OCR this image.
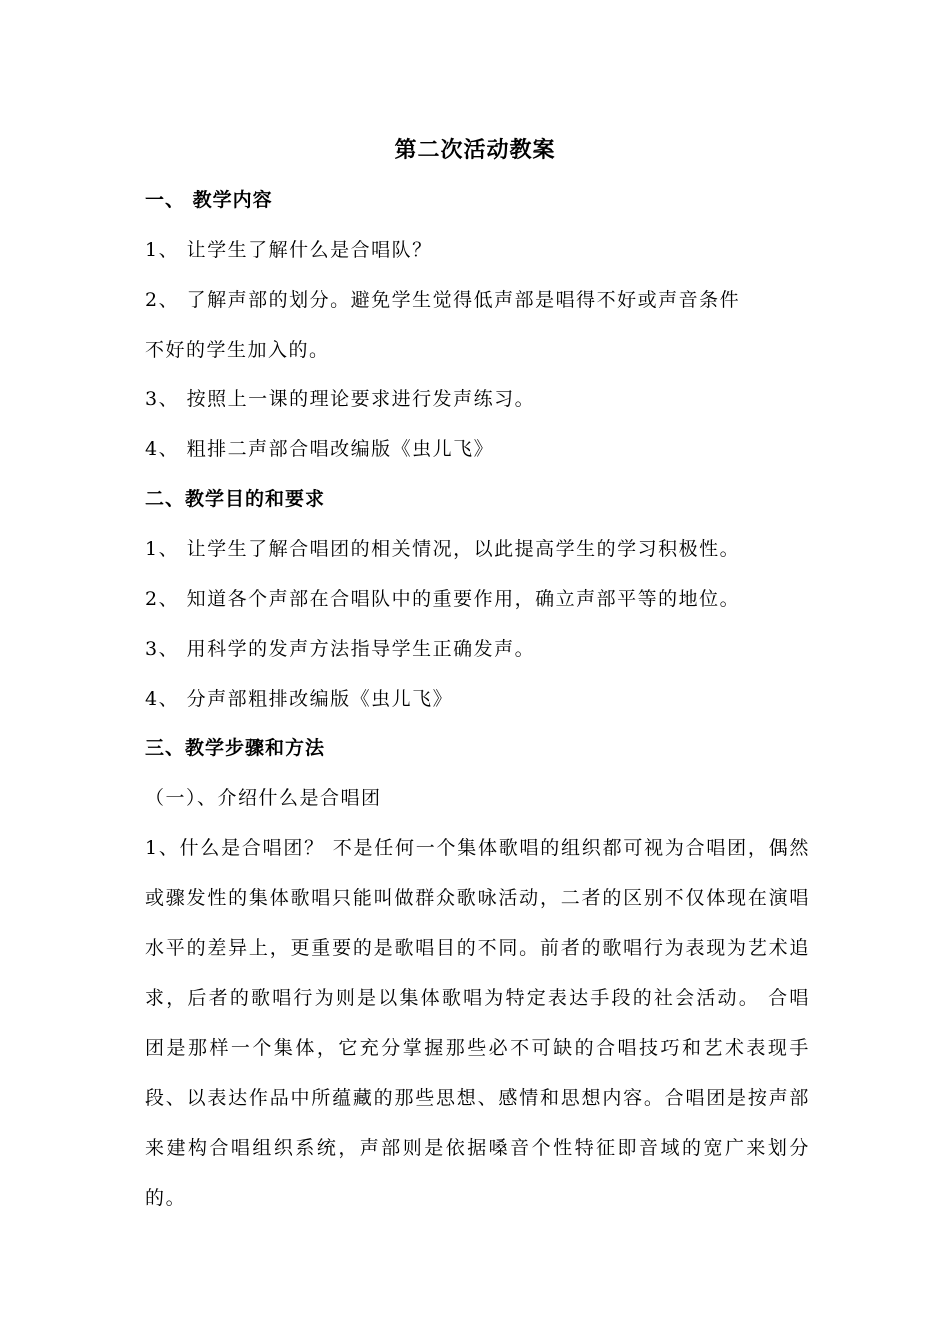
第二次活动教案
一、 教学内容
1、 让学生了解什么是合唱队？
2、 了解声部的划分。避免学生觉得低声部是唱得不好或声音条件
不好的学生加入的。
3、 按照上一课的理论要求进行发声练习。
4、 粗排二声部合唱改编版《虫儿飞》
二、教学目的和要求
1、 让学生了解合唱团的相关情况，以此提高学生的学习积极性。
2、 知道各个声部在合唱队中的重要作用，确立声部平等的地位。
3、 用科学的发声方法指导学生正确发声。
4、 分声部粗排改编版《虫儿飞》
三、教学步骤和方法
（一）、介绍什么是合唱团
1、什么是合唱团？ 不是任何一个集体歌唱的组织都可视为合唱团，偶然或骤发性的集体歌唱只能叫做群众歌咏活动，二者的区别不仅体现在演唱水平的差异上，更重要的是歌唱目的不同。前者的歌唱行为表现为艺术追求，后者的歌唱行为则是以集体歌唱为特定表达手段的社会活动。 合唱团是那样一个集体，它充分掌握那些必不可缺的合唱技巧和艺术表现手段、以表达作品中所蕴藏的那些思想、感情和思想内容。合唱团是按声部来建构合唱组织系统，声部则是依据嗓音个性特征即音域的宽广来划分的。
